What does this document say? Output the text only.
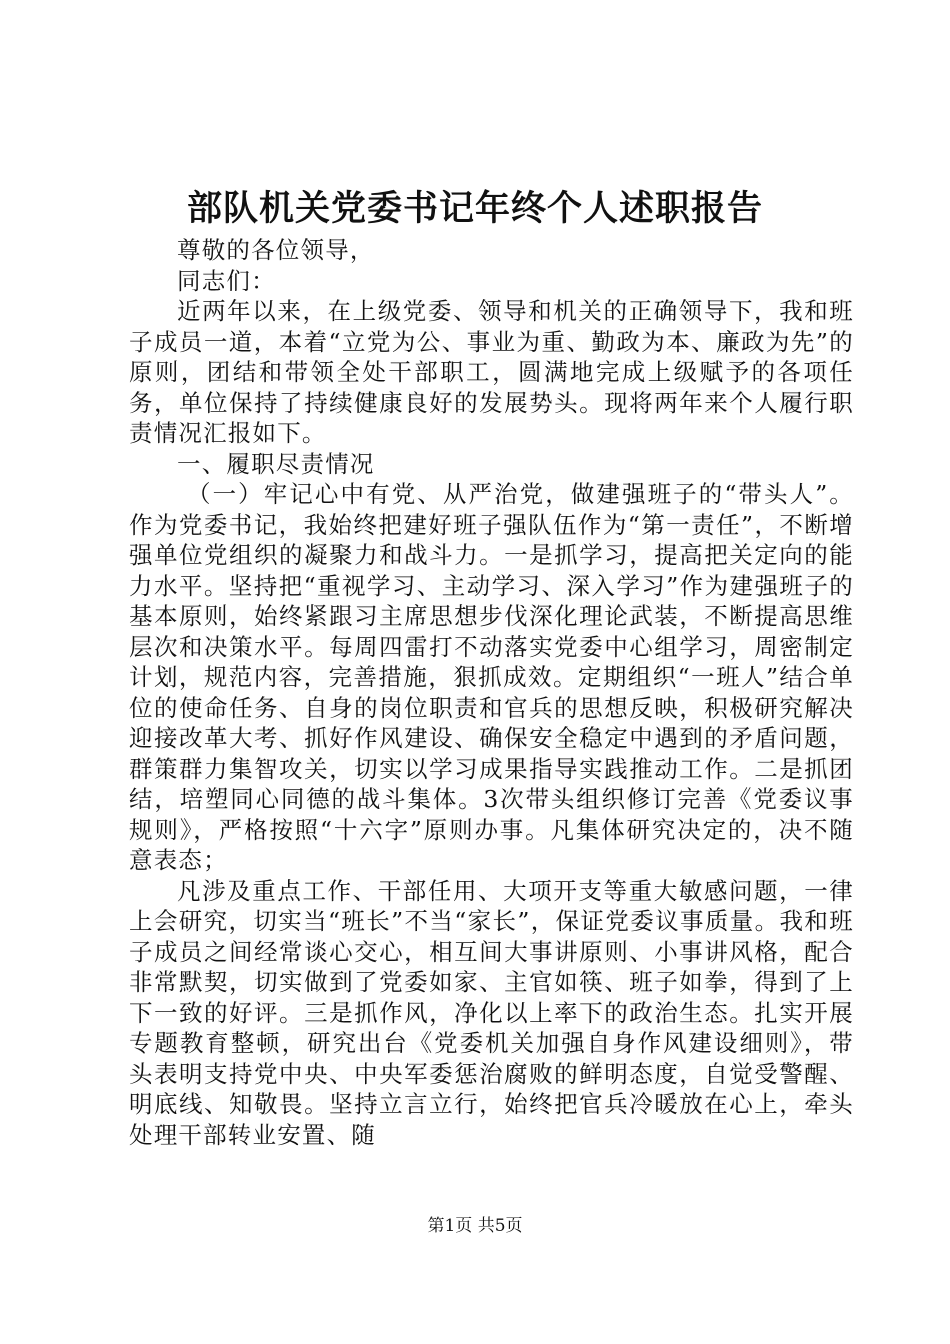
部队机关党委书记年终个人述职报告

尊敬的各位领导，

同志们：

近两年以来，在上级党委、领导和机关的正确领导下，我和班子成员一道，本着“立党为公、事业为重、勤政为本、廉政为先”的原则，团结和带领全处干部职工，圆满地完成上级赋予的各项任务，单位保持了持续健康良好的发展势头。现将两年来个人履行职责情况汇报如下。

一、履职尽责情况

（一）牢记心中有党、从严治党，做建强班子的“带头人”。作为党委书记，我始终把建好班子强队伍作为“第一责任”，不断增强单位党组织的凝聚力和战斗力。一是抓学习，提高把关定向的能力水平。坚持把“重视学习、主动学习、深入学习”作为建强班子的基本原则，始终紧跟习主席思想步伐深化理论武装，不断提高思维层次和决策水平。每周四雷打不动落实党委中心组学习，周密制定计划，规范内容，完善措施，狠抓成效。定期组织“一班人”结合单位的使命任务、自身的岗位职责和官兵的思想反映，积极研究解决迎接改革大考、抓好作风建设、确保安全稳定中遇到的矛盾问题，群策群力集智攻关，切实以学习成果指导实践推动工作。二是抓团结，培塑同心同德的战斗集体。3次带头组织修订完善《党委议事规则》，严格按照“十六字”原则办事。凡集体研究决定的，决不随意表态；

凡涉及重点工作、干部任用、大项开支等重大敏感问题，一律上会研究，切实当“班长”不当“家长”，保证党委议事质量。我和班子成员之间经常谈心交心，相互间大事讲原则、小事讲风格，配合非常默契，切实做到了党委如家、主官如筷、班子如拳，得到了上下一致的好评。三是抓作风，净化以上率下的政治生态。扎实开展专题教育整顿，研究出台《党委机关加强自身作风建设细则》，带头表明支持党中央、中央军委惩治腐败的鲜明态度，自觉受警醒、明底线、知敬畏。坚持立言立行，始终把官兵冷暖放在心上，牵头处理干部转业安置、随

第1页 共5页
